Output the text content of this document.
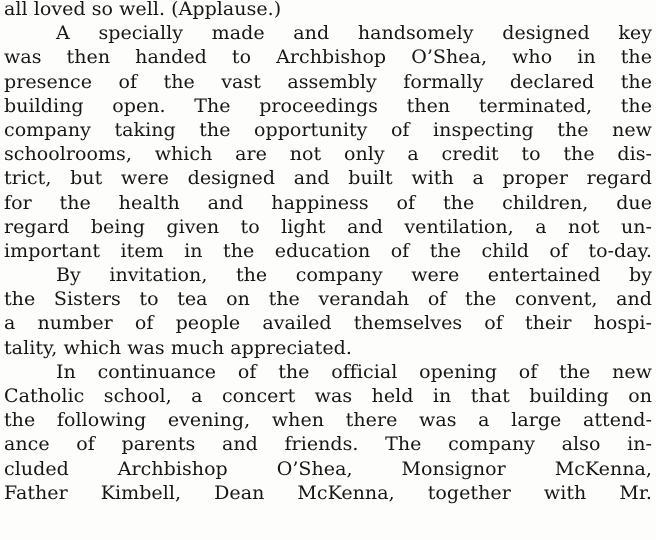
all loved so well. (Applause.)
A specially made and handsomely designed key
was then handed to Archbishop O’Shea, who in the
presence of the vast assembly formally declared the
building open. The proceedings then terminated, the
company taking the opportunity of inspecting the new
schoolrooms, which are not only a credit to the dis-
trict, but were designed and built with a proper regard
for the health and happiness of the children, due
regard being given to light and ventilation, a not un-
important item in the education of the child of to-day.
By invitation, the company were entertained by
the Sisters to tea on the verandah of the convent, and
a number of people availed themselves of their hospi-
tality, which was much appreciated.
In continuance of the official opening of the new
Catholic school, a concert was held in that building on
the following evening, when there was a large attend-
ance of parents and friends. The company also in-
cluded Archbishop O’Shea, Monsignor McKenna,
Father Kimbell, Dean McKenna, together with Mr.
